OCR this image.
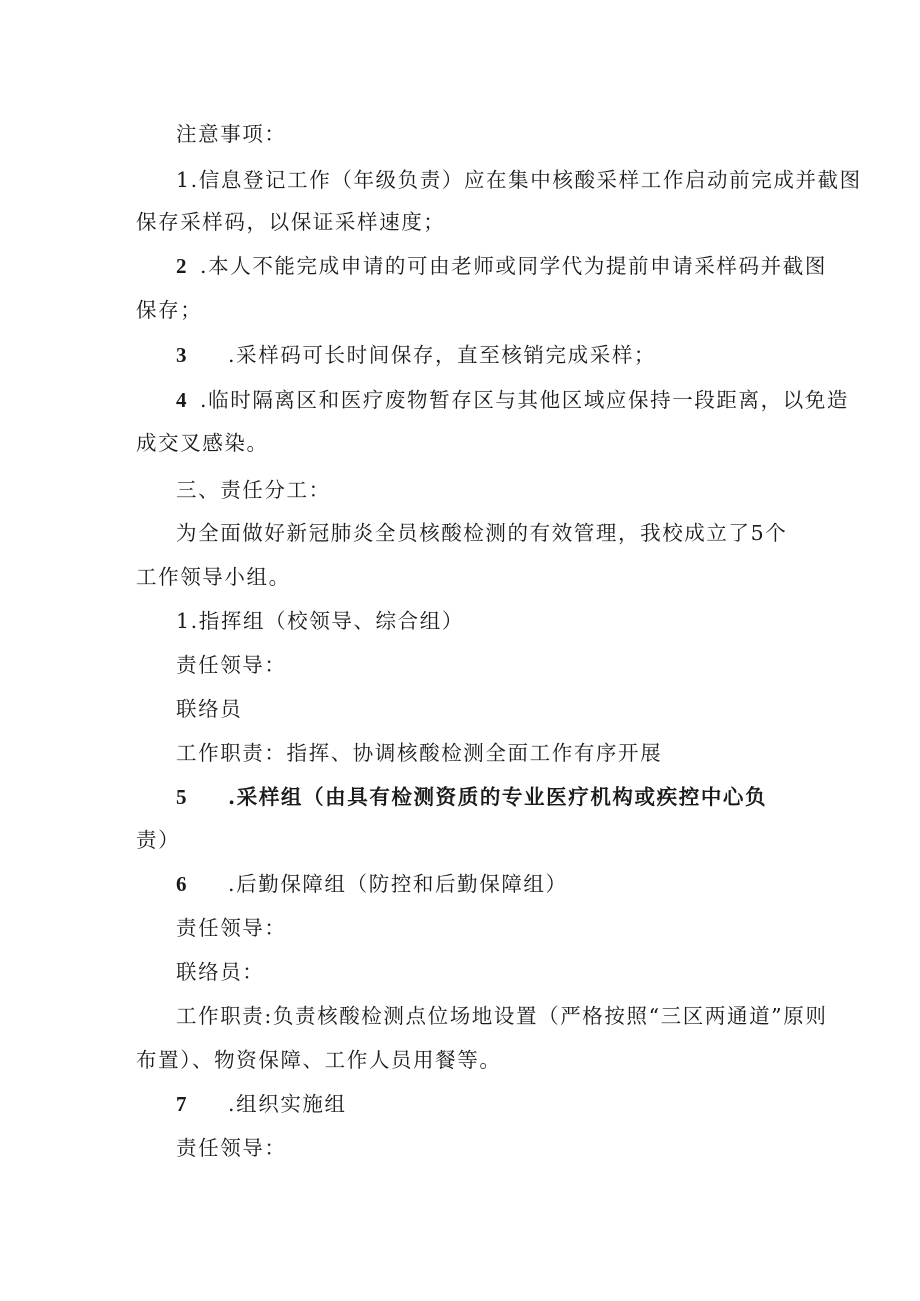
注意事项：
1.信息登记工作（年级负责）应在集中核酸采样工作启动前完成并截图
保存采样码，以保证采样速度；
2 .本人不能完成申请的可由老师或同学代为提前申请采样码并截图
保存；
3 .采样码可长时间保存，直至核销完成采样；
4 .临时隔离区和医疗废物暂存区与其他区域应保持一段距离，以免造
成交叉感染。
三、责任分工：
为全面做好新冠肺炎全员核酸检测的有效管理，我校成立了5个
工作领导小组。
1.指挥组（校领导、综合组）
责任领导：
联络员
工作职责：指挥、协调核酸检测全面工作有序开展
5 .采样组（由具有检测资质的专业医疗机构或疾控中心负
责）
6 .后勤保障组（防控和后勤保障组）
责任领导：
联络员：
工作职责:负责核酸检测点位场地设置（严格按照“三区两通道”原则
布置）、物资保障、工作人员用餐等。
7 .组织实施组
责任领导：
